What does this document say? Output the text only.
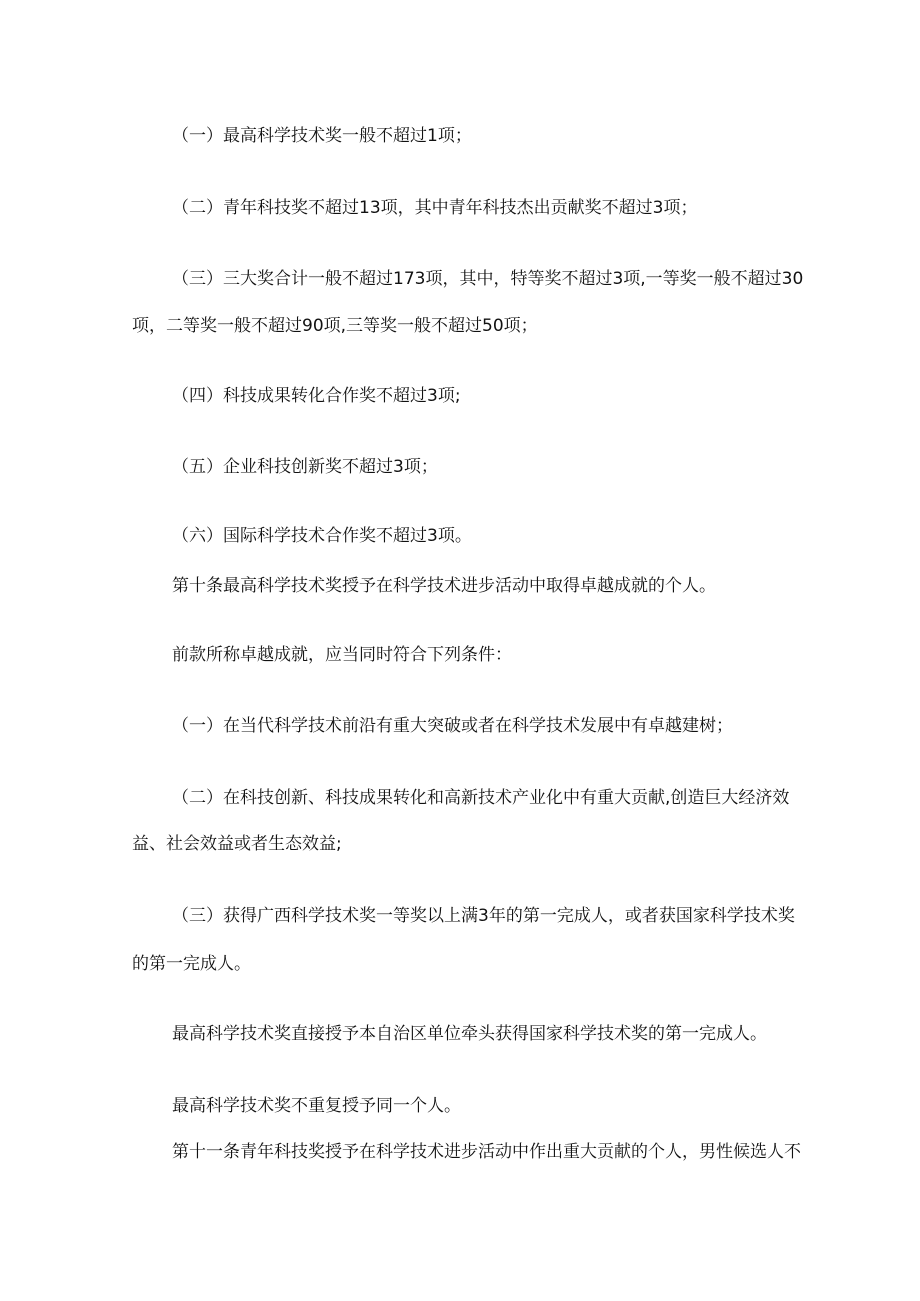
（一）最高科学技术奖一般不超过1项；

（二）青年科技奖不超过13项，其中青年科技杰出贡献奖不超过3项；

（三）三大奖合计一般不超过173项，其中，特等奖不超过3项,一等奖一般不超过30

项，二等奖一般不超过90项,三等奖一般不超过50项；

（四）科技成果转化合作奖不超过3项;

（五）企业科技创新奖不超过3项；

（六）国际科学技术合作奖不超过3项。

第十条最高科学技术奖授予在科学技术进步活动中取得卓越成就的个人。

前款所称卓越成就，应当同时符合下列条件：

（一）在当代科学技术前沿有重大突破或者在科学技术发展中有卓越建树；

（二）在科技创新、科技成果转化和高新技术产业化中有重大贡献,创造巨大经济效

益、社会效益或者生态效益;

（三）获得广西科学技术奖一等奖以上满3年的第一完成人，或者获国家科学技术奖

的第一完成人。

最高科学技术奖直接授予本自治区单位牵头获得国家科学技术奖的第一完成人。

最高科学技术奖不重复授予同一个人。

第十一条青年科技奖授予在科学技术进步活动中作出重大贡献的个人，男性候选人不
